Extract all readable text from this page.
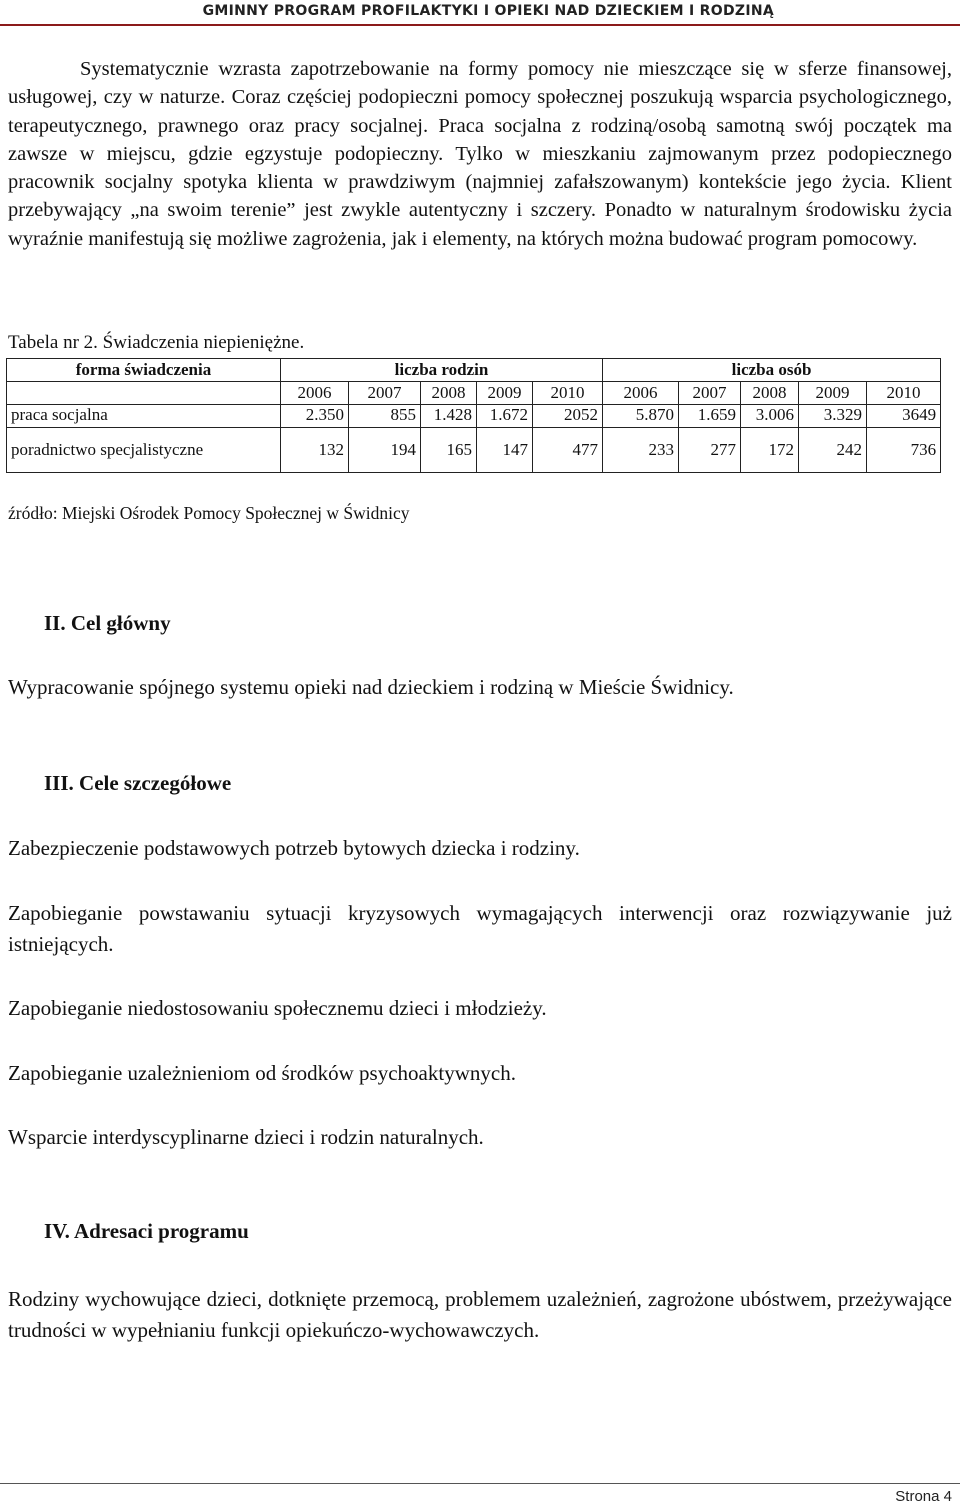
GMINNY PROGRAM PROFILAKTYKI I OPIEKI NAD DZIECKIEM I RODZINĄ

Systematycznie wzrasta zapotrzebowanie na formy pomocy nie mieszczące się w sferze finansowej, usługowej, czy w naturze. Coraz częściej podopieczni pomocy społecznej poszukują wsparcia psychologicznego, terapeutycznego, prawnego oraz pracy socjalnej. Praca socjalna z rodziną/osobą samotną swój początek ma zawsze w miejscu, gdzie egzystuje podopieczny. Tylko w mieszkaniu zajmowanym przez podopiecznego pracownik socjalny spotyka klienta w prawdziwym (najmniej zafałszowanym) kontekście jego życia. Klient przebywający „na swoim terenie” jest zwykle autentyczny i szczery. Ponadto w naturalnym środowisku życia wyraźnie manifestują się możliwe zagrożenia, jak i elementy, na których można budować program pomocowy.

Tabela nr 2. Świadczenia niepieniężne.
forma świadczenia	liczba rodzin					liczba osób				
	2006	2007	2008	2009	2010	2006	2007	2008	2009	2010
praca socjalna	2.350	855	1.428	1.672	2052	5.870	1.659	3.006	3.329	3649
poradnictwo specjalistyczne	132	194	165	147	477	233	277	172	242	736
źródło: Miejski Ośrodek Pomocy Społecznej w Świdnicy
II. Cel główny
Wypracowanie spójnego systemu opieki nad dzieckiem i rodziną w Mieście Świdnicy.
III. Cele szczegółowe
Zabezpieczenie podstawowych potrzeb bytowych dziecka i rodziny.
Zapobieganie powstawaniu sytuacji kryzysowych wymagających interwencji oraz rozwiązywanie już istniejących.
Zapobieganie niedostosowaniu społecznemu dzieci i młodzieży.
Zapobieganie uzależnieniom od środków psychoaktywnych.
Wsparcie interdyscyplinarne dzieci i rodzin naturalnych.
IV. Adresaci programu
Rodziny wychowujące dzieci, dotknięte przemocą, problemem uzależnień, zagrożone ubóstwem, przeżywające trudności w wypełnianiu funkcji opiekuńczo-wychowawczych.
Strona 4
